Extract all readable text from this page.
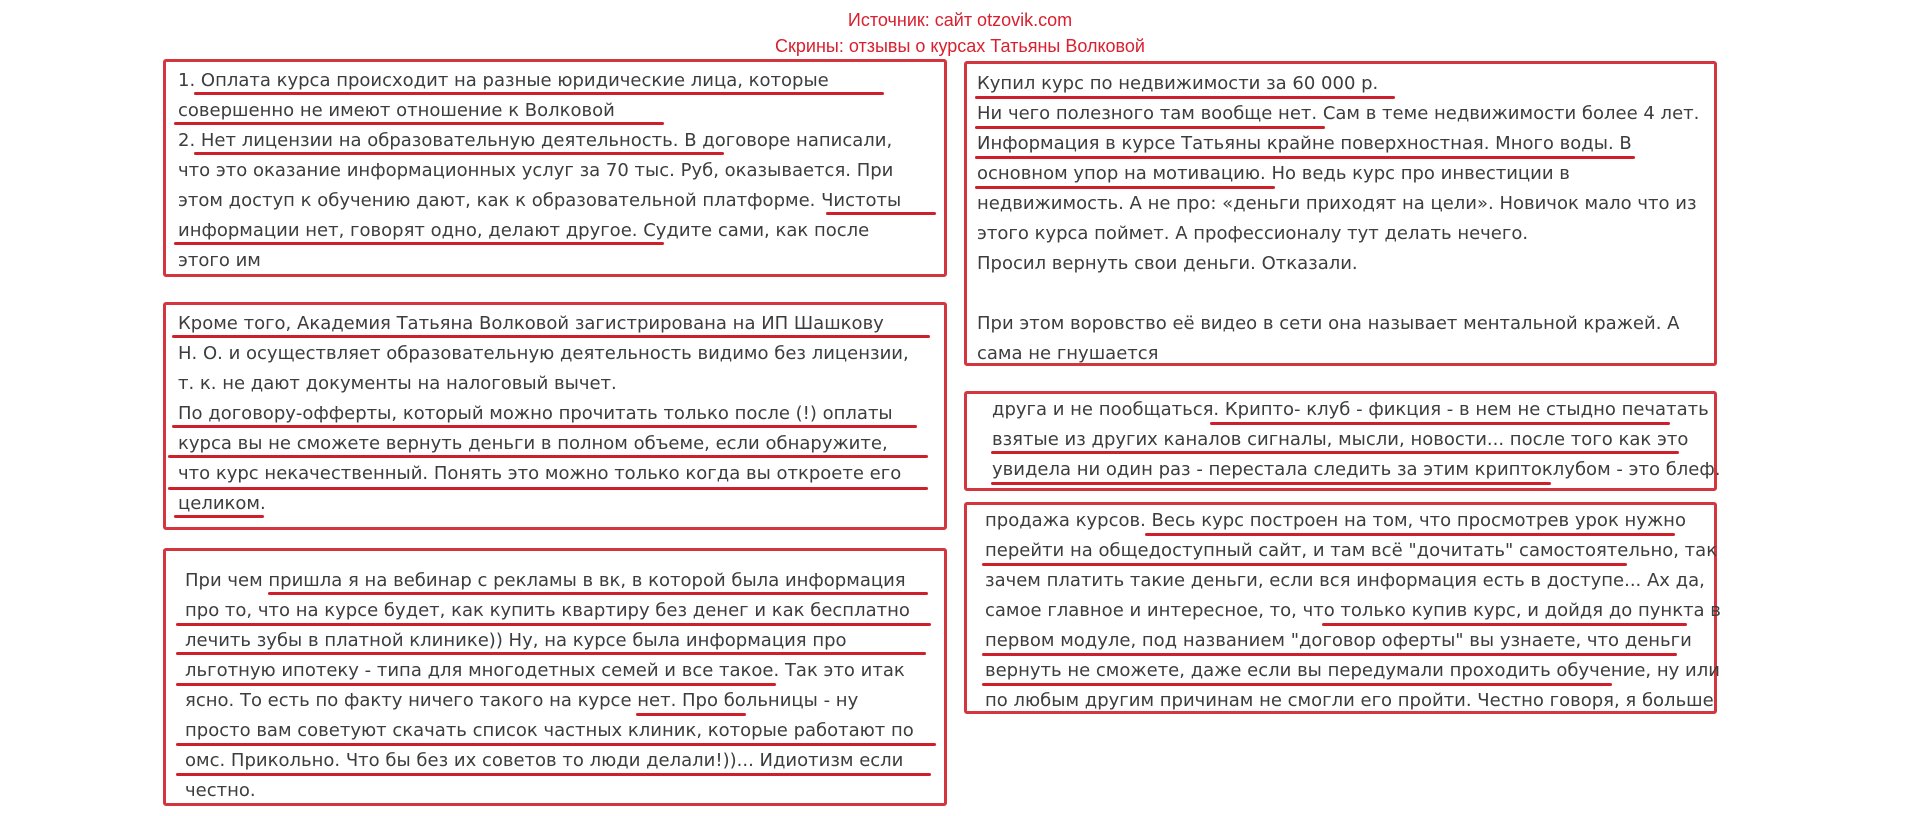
Источник: сайт otzovik.com
Скрины: отзывы о курсах Татьяны Волковой
1. Оплата курса происходит на разные юридические лица, которые
совершенно не имеют отношение к Волковой
2. Нет лицензии на образовательную деятельность. В договоре написали,
что это оказание информационных услуг за 70 тыс. Руб, оказывается. При
этом доступ к обучению дают, как к образовательной платформе. Чистоты
информации нет, говорят одно, делают другое. Судите сами, как после
этого им
Кроме того, Академия Татьяна Волковой загистрирована на ИП Шашкову
Н. О. и осуществляет образовательную деятельность видимо без лицензии,
т. к. не дают документы на налоговый вычет.
По договору-офферты, который можно прочитать только после (!) оплаты
курса вы не сможете вернуть деньги в полном объеме, если обнаружите,
что курс некачественный. Понять это можно только когда вы откроете его
целиком.
При чем пришла я на вебинар с рекламы в вк, в которой была информация
про то, что на курсе будет, как купить квартиру без денег и как бесплатно
лечить зубы в платной клинике)) Ну, на курсе была информация про
льготную ипотеку - типа для многодетных семей и все такое. Так это итак
ясно. То есть по факту ничего такого на курсе нет. Про больницы - ну
просто вам советуют скачать список частных клиник, которые работают по
омс. Прикольно. Что бы без их советов то люди делали!))... Идиотизм если
честно.
Купил курс по недвижимости за 60 000 р.
Ни чего полезного там вообще нет. Сам в теме недвижимости более 4 лет.
Информация в курсе Татьяны крайне поверхностная. Много воды. В
основном упор на мотивацию. Но ведь курс про инвестиции в
недвижимость. А не про: «деньги приходят на цели». Новичок мало что из
этого курса поймет. А профессионалу тут делать нечего.
Просил вернуть свои деньги. Отказали.
При этом воровство её видео в сети она называет ментальной кражей. А
сама не гнушается
друга и не пообщаться. Крипто- клуб - фикция - в нем не стыдно печатать
взятые из других каналов сигналы, мысли, новости... после того как это
увидела ни один раз - перестала следить за этим криптоклубом - это блеф.
продажа курсов. Весь курс построен на том, что просмотрев урок нужно
перейти на общедоступный сайт, и там всё "дочитать" самостоятельно, так
зачем платить такие деньги, если вся информация есть в доступе... Ах да,
самое главное и интересное, то, что только купив курс, и дойдя до пункта в
первом модуле, под названием "договор оферты" вы узнаете, что деньги
вернуть не сможете, даже если вы передумали проходить обучение, ну или
по любым другим причинам не смогли его пройти. Честно говоря, я больше
